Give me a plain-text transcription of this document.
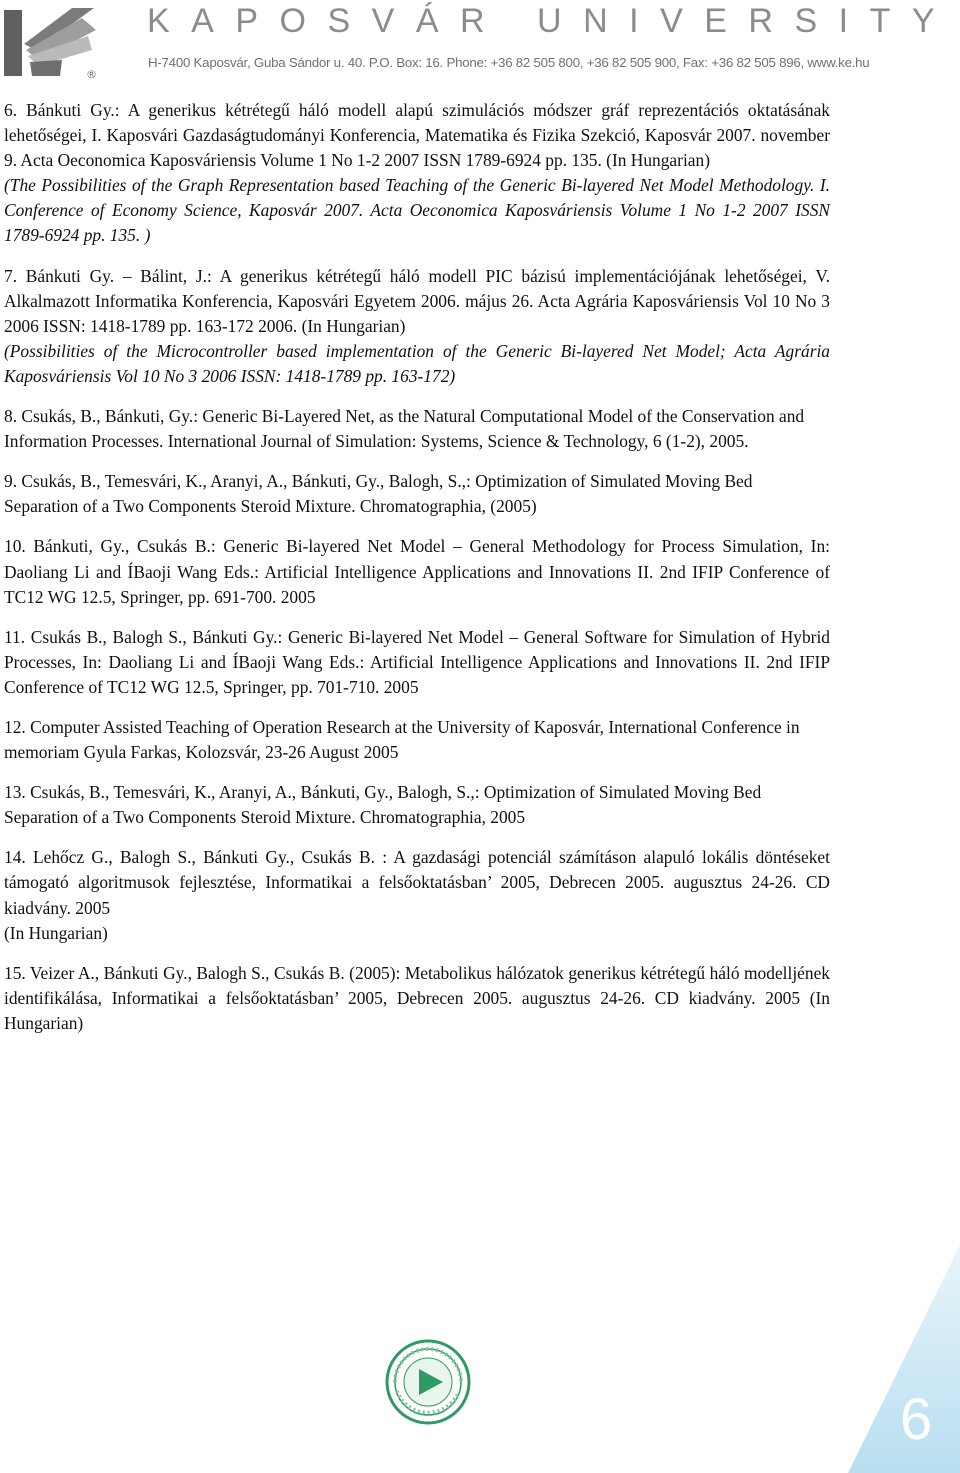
®
KAPOSVÁR UNIVERSITY
H-7400 Kaposvár, Guba Sándor u. 40. P.O. Box: 16. Phone: +36 82 505 800, +36 82 505 900, Fax: +36 82 505 896, www.ke.hu

6. Bánkuti Gy.: A generikus kétrétegű háló modell alapú szimulációs módszer gráf reprezentációs oktatásának lehetőségei, I. Kaposvári Gazdaságtudományi Konferencia, Matematika és Fizika Szekció, Kaposvár 2007. november 9. Acta Oeconomica Kaposváriensis Volume 1 No 1-2 2007 ISSN 1789-6924 pp. 135. (In Hungarian)

(The Possibilities of the Graph Representation based Teaching of the Generic Bi-layered Net Model Methodology. I. Conference of Economy Science, Kaposvár 2007. Acta Oeconomica Kaposváriensis Volume 1 No 1-2 2007 ISSN 1789-6924 pp. 135. )

7. Bánkuti Gy. – Bálint, J.: A generikus kétrétegű háló modell PIC bázisú implementációjának lehetőségei, V. Alkalmazott Informatika Konferencia, Kaposvári Egyetem 2006. május 26. Acta Agrária Kaposváriensis Vol 10 No 3 2006 ISSN: 1418-1789 pp. 163-172 2006. (In Hungarian)

(Possibilities of the Microcontroller based implementation of the Generic Bi-layered Net Model; Acta Agrária Kaposváriensis Vol 10 No 3 2006 ISSN: 1418-1789 pp. 163-172)

8. Csukás, B., Bánkuti, Gy.: Generic Bi-Layered Net, as the Natural Computational Model of the Conservation and Information Processes. International Journal of Simulation: Systems, Science & Technology, 6 (1-2), 2005.

9. Csukás, B., Temesvári, K., Aranyi, A., Bánkuti, Gy., Balogh, S.,: Optimization of Simulated Moving Bed Separation of a Two Components Steroid Mixture. Chromatographia, (2005)

10. Bánkuti, Gy., Csukás B.: Generic Bi-layered Net Model – General Methodology for Process Simulation, In: Daoliang Li and ÍBaoji Wang Eds.: Artificial Intelligence Applications and Innovations II. 2nd IFIP Conference of TC12 WG 12.5, Springer, pp. 691-700. 2005

11. Csukás B., Balogh S., Bánkuti Gy.: Generic Bi-layered Net Model – General Software for Simulation of Hybrid Processes, In: Daoliang Li and ÍBaoji Wang Eds.: Artificial Intelligence Applications and Innovations II. 2nd IFIP Conference of TC12 WG 12.5, Springer, pp. 701-710. 2005

12. Computer Assisted Teaching of Operation Research at the University of Kaposvár, International Conference in memoriam Gyula Farkas, Kolozsvár, 23-26 August 2005

13. Csukás, B., Temesvári, K., Aranyi, A., Bánkuti, Gy., Balogh, S.,: Optimization of Simulated Moving Bed Separation of a Two Components Steroid Mixture. Chromatographia, 2005

14. Lehőcz G., Balogh S., Bánkuti Gy., Csukás B. : A gazdasági potenciál számításon alapuló lokális döntéseket támogató algoritmusok fejlesztése, Informatikai a felsőoktatásban’ 2005, Debrecen 2005. augusztus 24-26. CD kiadvány. 2005

(In Hungarian)

15. Veizer A., Bánkuti Gy., Balogh S., Csukás B. (2005): Metabolikus hálózatok generikus kétrétegű háló modelljének identifikálása, Informatikai a felsőoktatásban’ 2005, Debrecen 2005. augusztus 24-26. CD kiadvány. 2005 (In Hungarian)

6
